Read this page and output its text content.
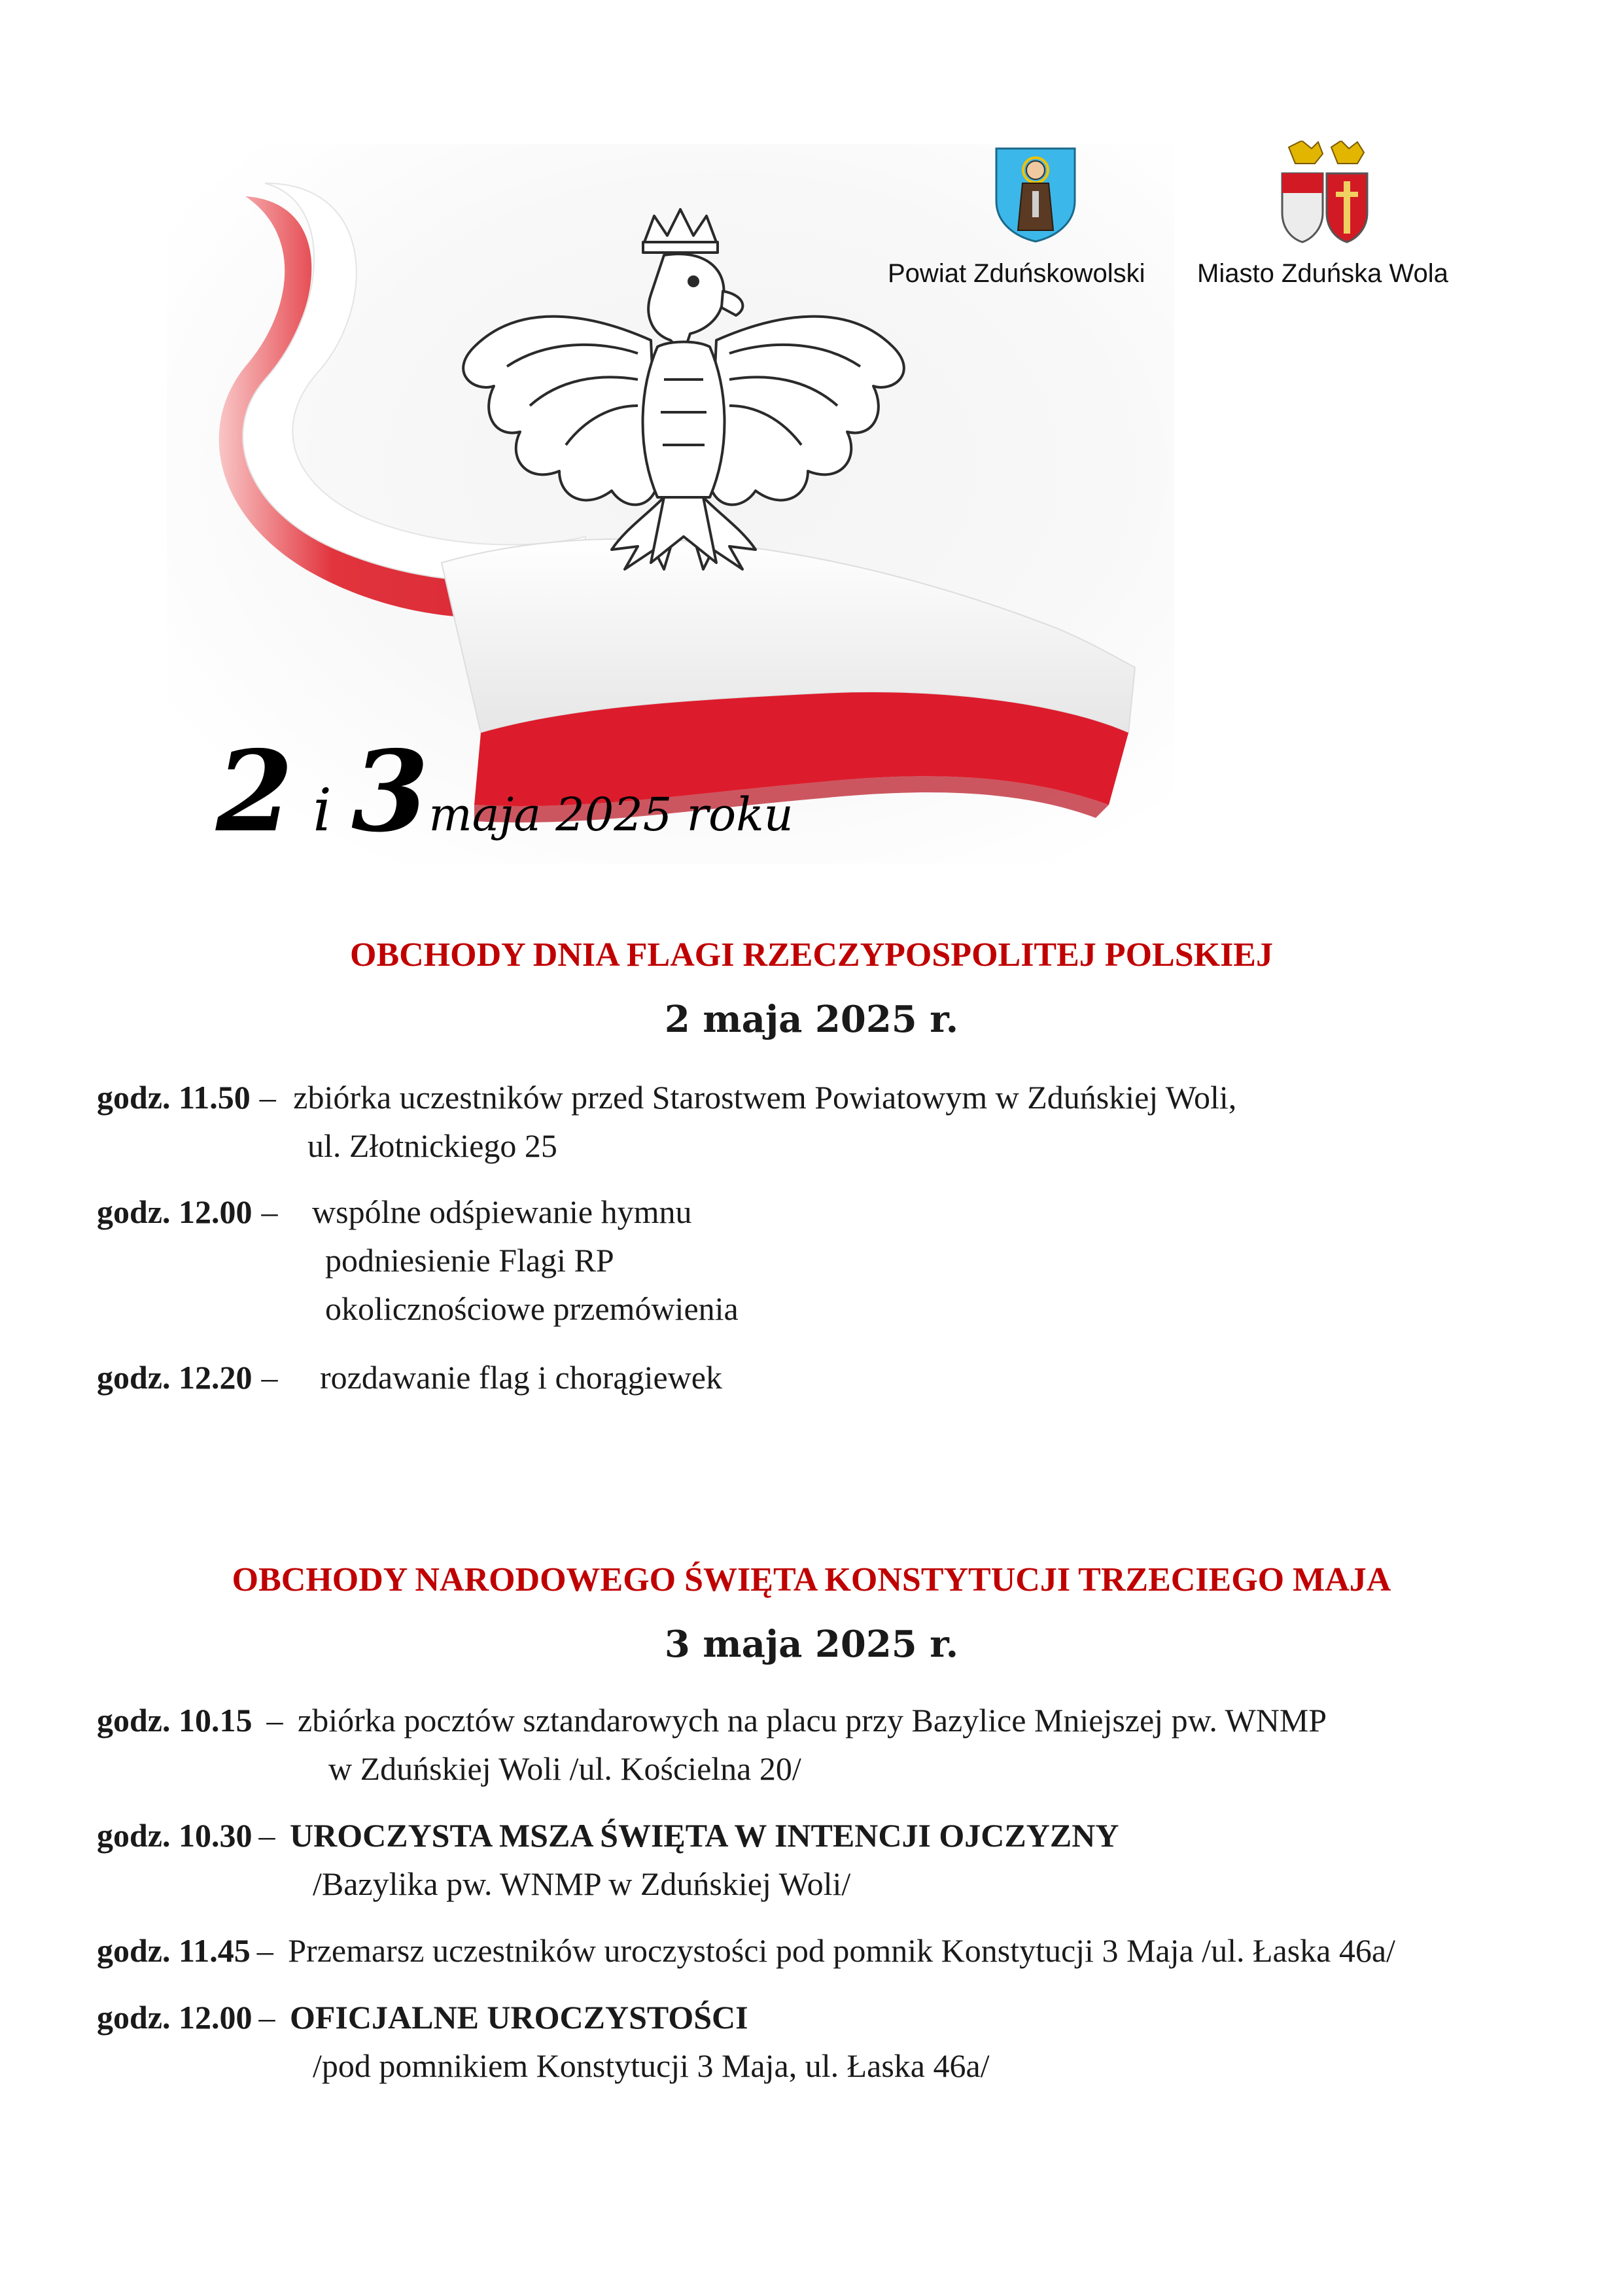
2 i 3maja 2025 roku
Powiat Zduńskowolski Miasto Zduńska Wola
OBCHODY DNIA FLAGI RZECZYPOSPOLITEJ POLSKIEJ
2 maja 2025 r.
godz. 11.50 – zbiórka uczestników przed Starostwem Powiatowym w Zduńskiej Woli,
ul. Złotnickiego 25
godz. 12.00 – wspólne odśpiewanie hymnu
podniesienie Flagi RP
okolicznościowe przemówienia
godz. 12.20 – rozdawanie flag i chorągiewek
OBCHODY NARODOWEGO ŚWIĘTA KONSTYTUCJI TRZECIEGO MAJA
3 maja 2025 r.
godz. 10.15 – zbiórka pocztów sztandarowych na placu przy Bazylice Mniejszej pw. WNMP
w Zduńskiej Woli /ul. Kościelna 20/
godz. 10.30 – UROCZYSTA MSZA ŚWIĘTA W INTENCJI OJCZYZNY
/Bazylika pw. WNMP w Zduńskiej Woli/
godz. 11.45 – Przemarsz uczestników uroczystości pod pomnik Konstytucji 3 Maja /ul. Łaska 46a/
godz. 12.00 – OFICJALNE UROCZYSTOŚCI
/pod pomnikiem Konstytucji 3 Maja, ul. Łaska 46a/
